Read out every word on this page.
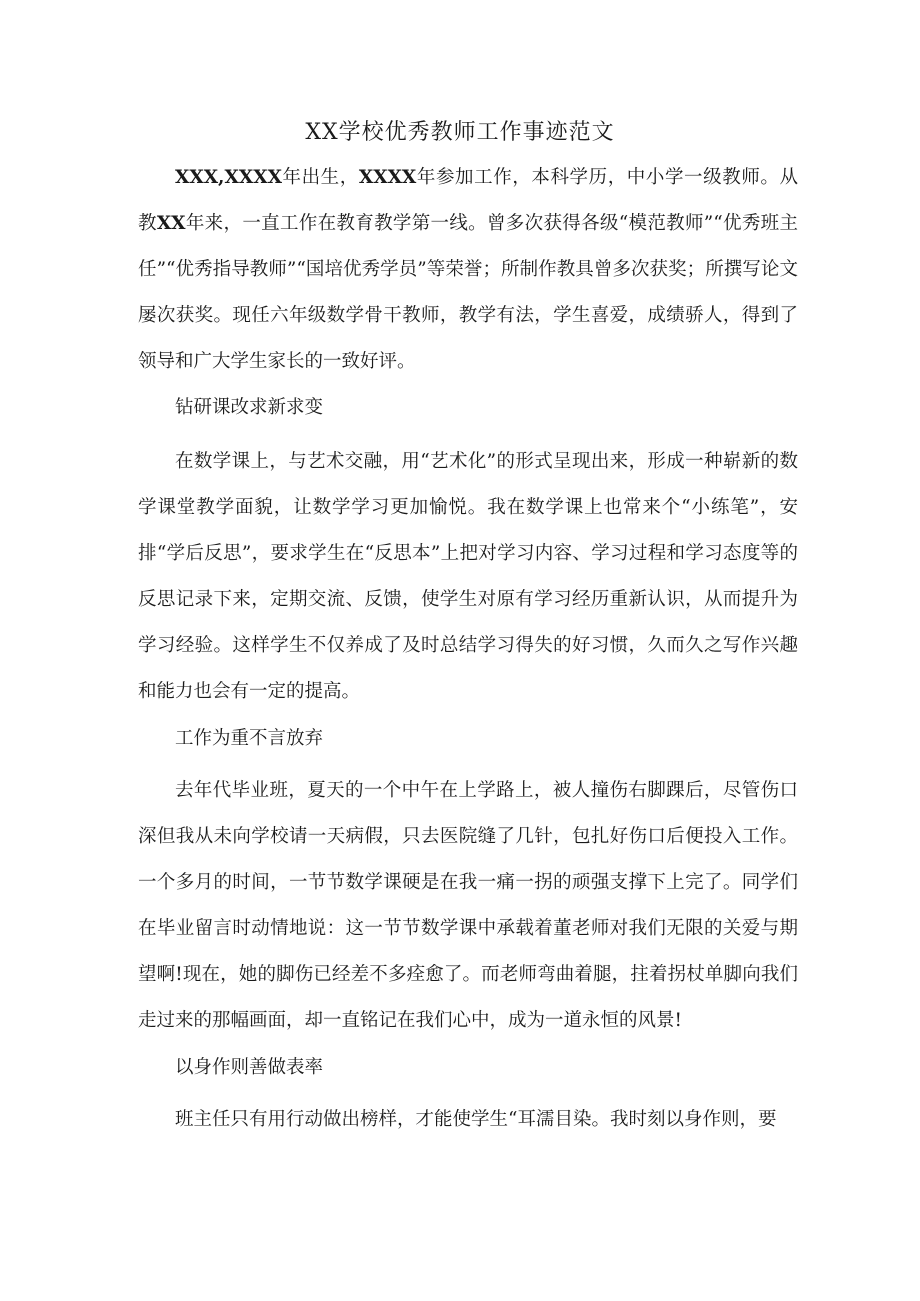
XX学校优秀教师工作事迹范文

XXX,XXXX年出生，XXXX年参加工作，本科学历，中小学一级教师。从教XX年来，一直工作在教育教学第一线。曾多次获得各级“模范教师”“优秀班主任”“优秀指导教师”“国培优秀学员”等荣誉；所制作教具曾多次获奖；所撰写论文屡次获奖。现任六年级数学骨干教师，教学有法，学生喜爱，成绩骄人，得到了领导和广大学生家长的一致好评。

钻研课改求新求变

在数学课上，与艺术交融，用“艺术化”的形式呈现出来，形成一种崭新的数学课堂教学面貌，让数学学习更加愉悦。我在数学课上也常来个“小练笔”，安排“学后反思”，要求学生在“反思本”上把对学习内容、学习过程和学习态度等的反思记录下来，定期交流、反馈，使学生对原有学习经历重新认识，从而提升为学习经验。这样学生不仅养成了及时总结学习得失的好习惯，久而久之写作兴趣和能力也会有一定的提高。

工作为重不言放弃

去年代毕业班，夏天的一个中午在上学路上，被人撞伤右脚踝后，尽管伤口深但我从未向学校请一天病假，只去医院缝了几针，包扎好伤口后便投入工作。一个多月的时间，一节节数学课硬是在我一痛一拐的顽强支撑下上完了。同学们在毕业留言时动情地说：这一节节数学课中承载着董老师对我们无限的关爱与期望啊!现在，她的脚伤已经差不多痊愈了。而老师弯曲着腿，拄着拐杖单脚向我们走过来的那幅画面，却一直铭记在我们心中，成为一道永恒的风景!

以身作则善做表率

班主任只有用行动做出榜样，才能使学生“耳濡目染。我时刻以身作则，要
